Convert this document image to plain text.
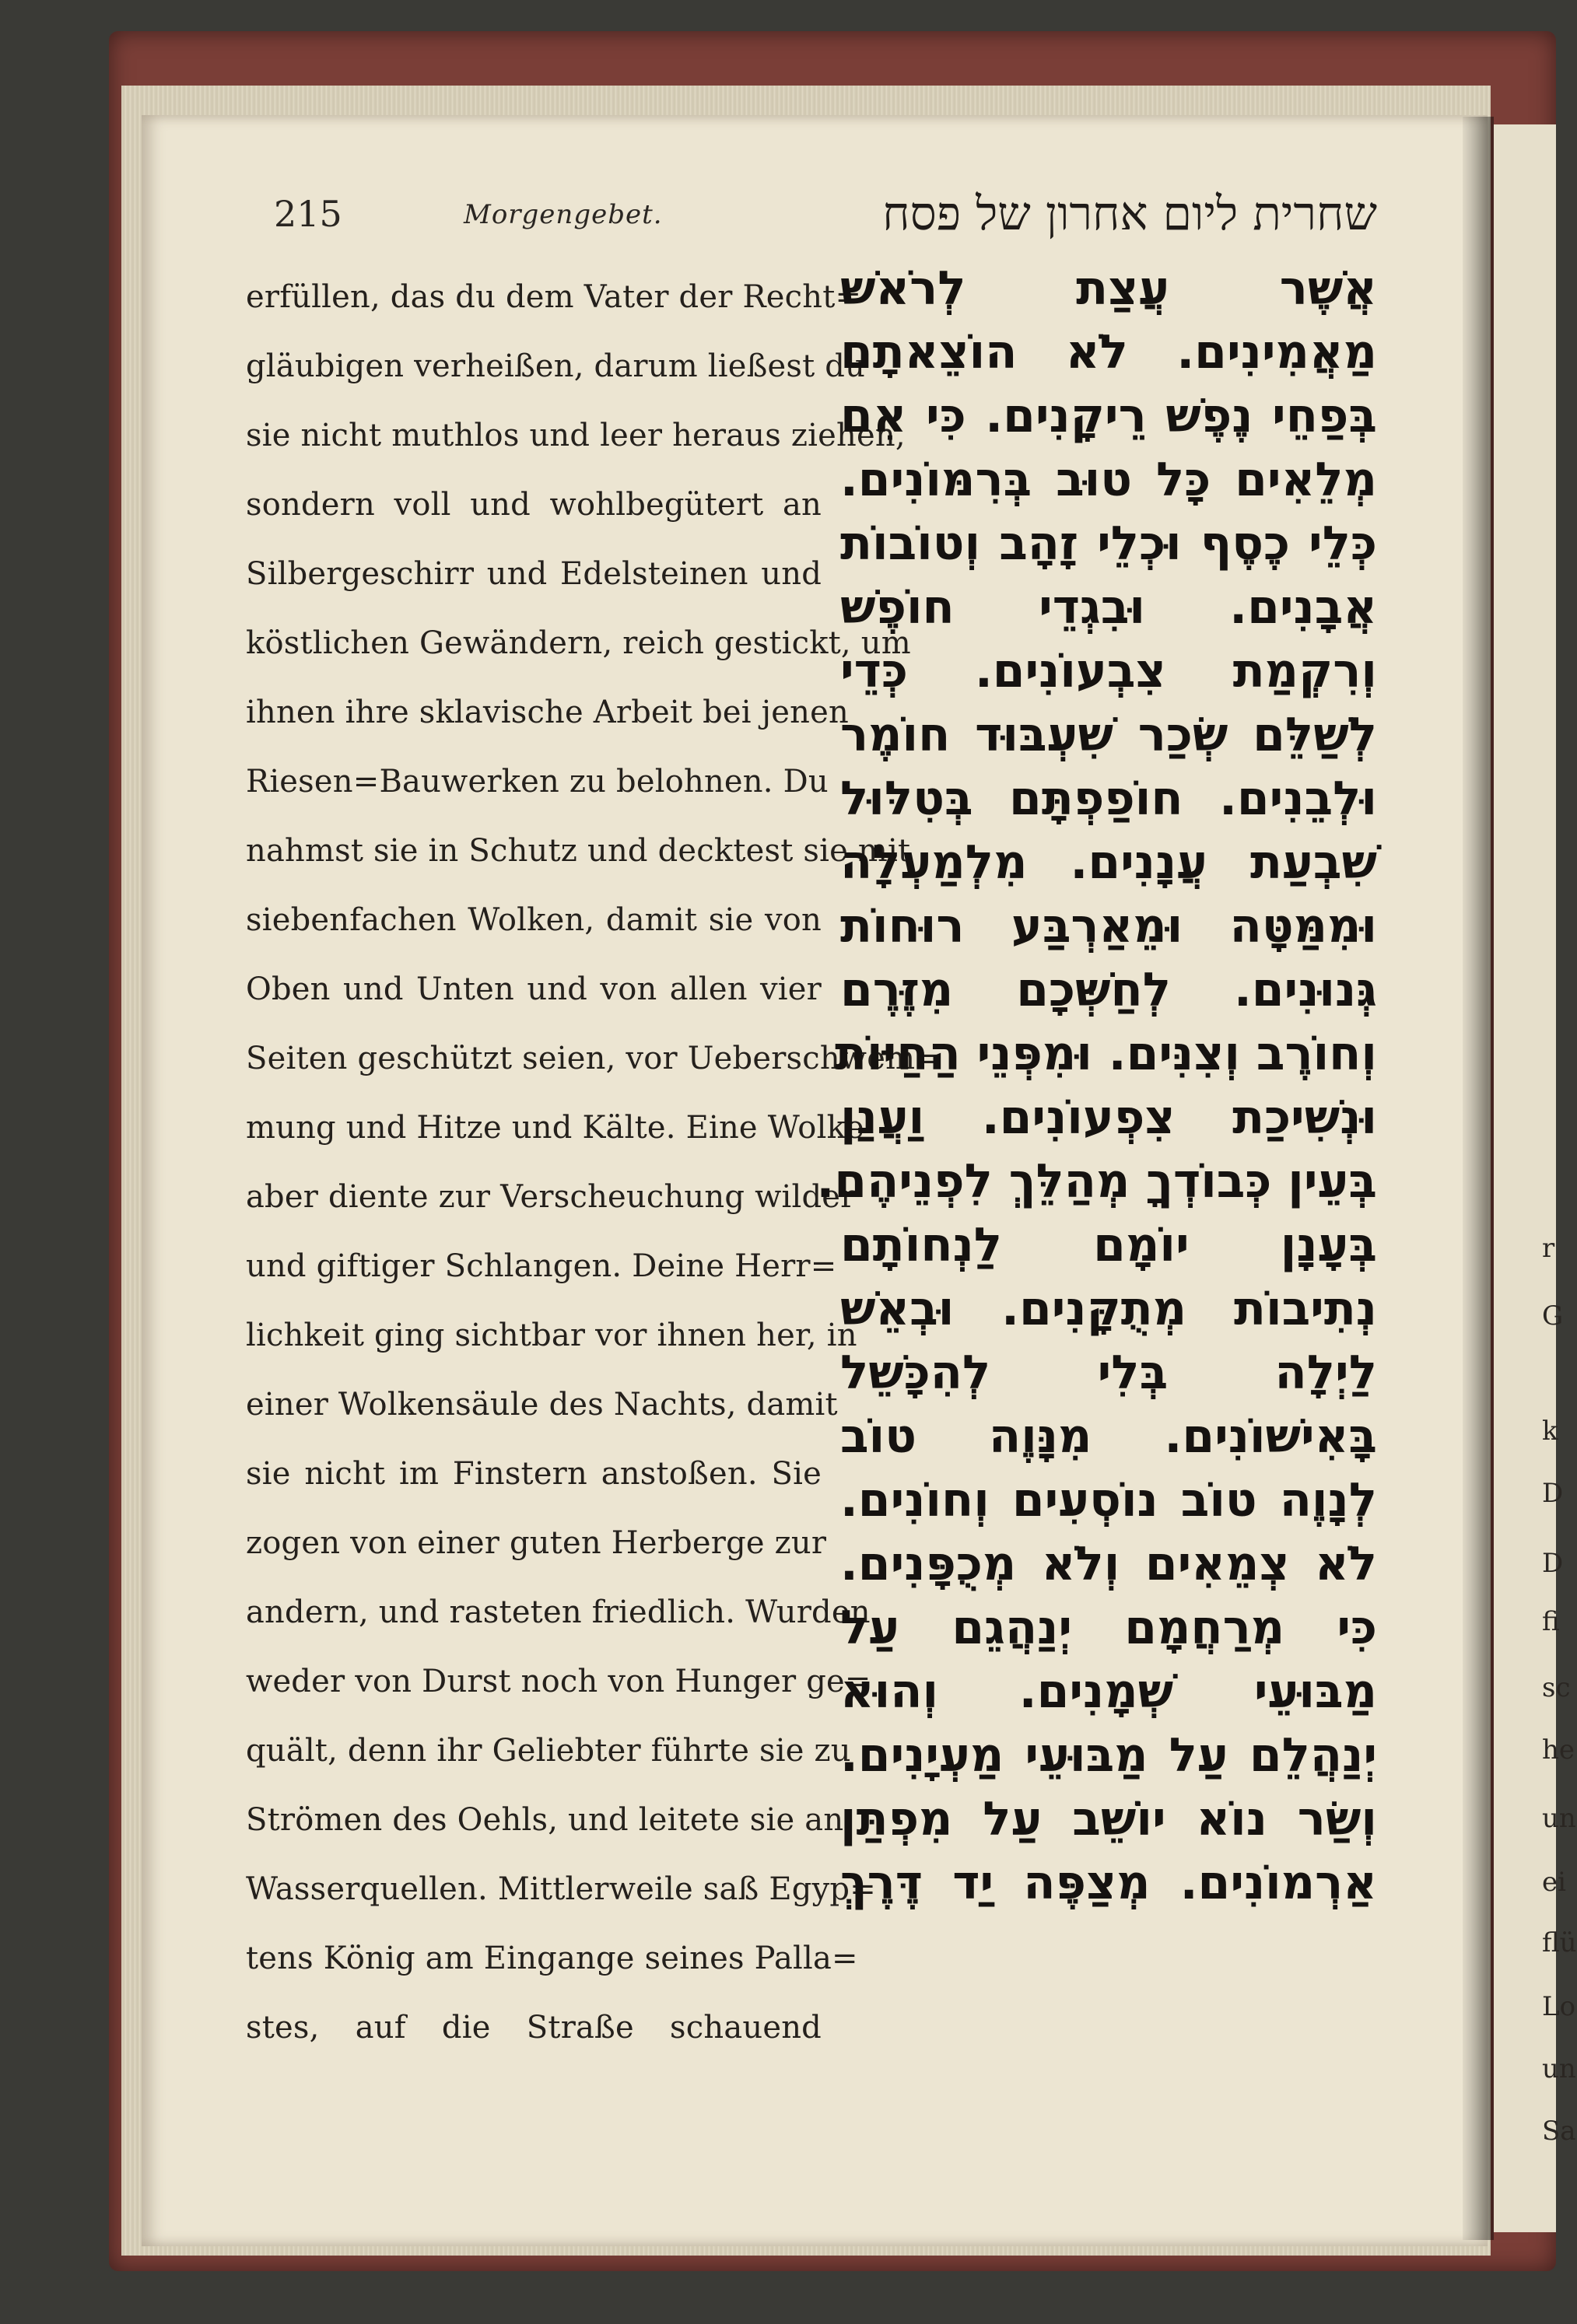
r
G
k
D
D
fi
sc
he
un
ei
flü
Lo
un
Sa
215	Morgengebet.	שחרית ליום אחרון של פסח
erfüllen, das du dem Vater der Recht=
gläubigen verheißen, darum ließest du
sie nicht muthlos und leer heraus ziehen,
sondern voll und wohlbegütert an
Silbergeschirr und Edelsteinen und
köstlichen Gewändern, reich gestickt, um
ihnen ihre sklavische Arbeit bei jenen
Riesen=Bauwerken zu belohnen. Du
nahmst sie in Schutz und decktest sie mit
siebenfachen Wolken, damit sie von
Oben und Unten und von allen vier
Seiten geschützt seien, vor Ueberschwem=
mung und Hitze und Kälte. Eine Wolke
aber diente zur Verscheuchung wilder
und giftiger Schlangen. Deine Herr=
lichkeit ging sichtbar vor ihnen her, in
einer Wolkensäule des Nachts, damit
sie nicht im Finstern anstoßen. Sie
zogen von einer guten Herberge zur
andern, und rasteten friedlich. Wurden
weder von Durst noch von Hunger ge=
quält, denn ihr Geliebter führte sie zu
Strömen des Oehls, und leitete sie an
Wasserquellen. Mittlerweile saß Egyp=
tens König am Eingange seines Palla=
stes, auf die Straße schauend
אֲשֶׁר עֲצַת לְרֹאשׁ
מַאֲמִינִים. לֹא הוֹצֵאתָם
בְּפַחֵי נֶפֶשׁ רֵיקָנִים. כִּי אִם
מְלֵאִים כָּל טוּב בְּרִמּוֹנִים.
כְּלֵי כֶסֶף וּכְלֵי זָהָב וְטוֹבוֹת
אֲבָנִים. וּבִגְדֵי חוֹפֶשׁ
וְרִקְמַת צִבְעוֹנִים. כְּדֵי
לְשַׁלֵּם שְׂכַר שִׁעְבּוּד חוֹמֶר
וּלְבֵנִים. חוֹפַפְתָּם בְּטִלּוּל
שִׁבְעַת עֲנָנִים. מִלְמַעְלָה
וּמִמַּטָּה וּמֵאַרְבַּע רוּחוֹת
גְּנוּנִים. לְחַשְּׁכָם מִזֶּרֶם
וְחוֹרֶב וְצִנִּים. וּמִפְּנֵי הַחַיּוֹת
וּנְשִׁיכַת צִפְעוֹנִים. וַעֲנַן
בְּעֵין כְּבוֹדְךָ מְהַלֵּךְ לִפְנֵיהֶם.
בְּעָנָן יוֹמָם לַנְחוֹתָם
נְתִיבוֹת מְתֻקָּנִים. וּבְאֵשׁ
לַיְלָה בְּלִי לְהִכָּשֵׁל
בָּאִישׁוֹנִים. מִנָּוֶה טוֹב
לְנָוֶה טוֹב נוֹסְעִים וְחוֹנִים.
לֹא צְמֵאִים וְלֹא מְכֻפָּנִים.
כִּי מְרַחֲמָם יְנַהֲגֵם עַל
מַבּוּעֵי שְׁמָנִים. וְהוּא
יְנַהֲלֵם עַל מַבּוּעֵי מַעְיָנִים.
וְשַׂר נוֹא יוֹשֵׁב עַל מִפְתַּן
אַרְמוֹנִים. מְצַפֶּה יַד דֶּרֶךְ
